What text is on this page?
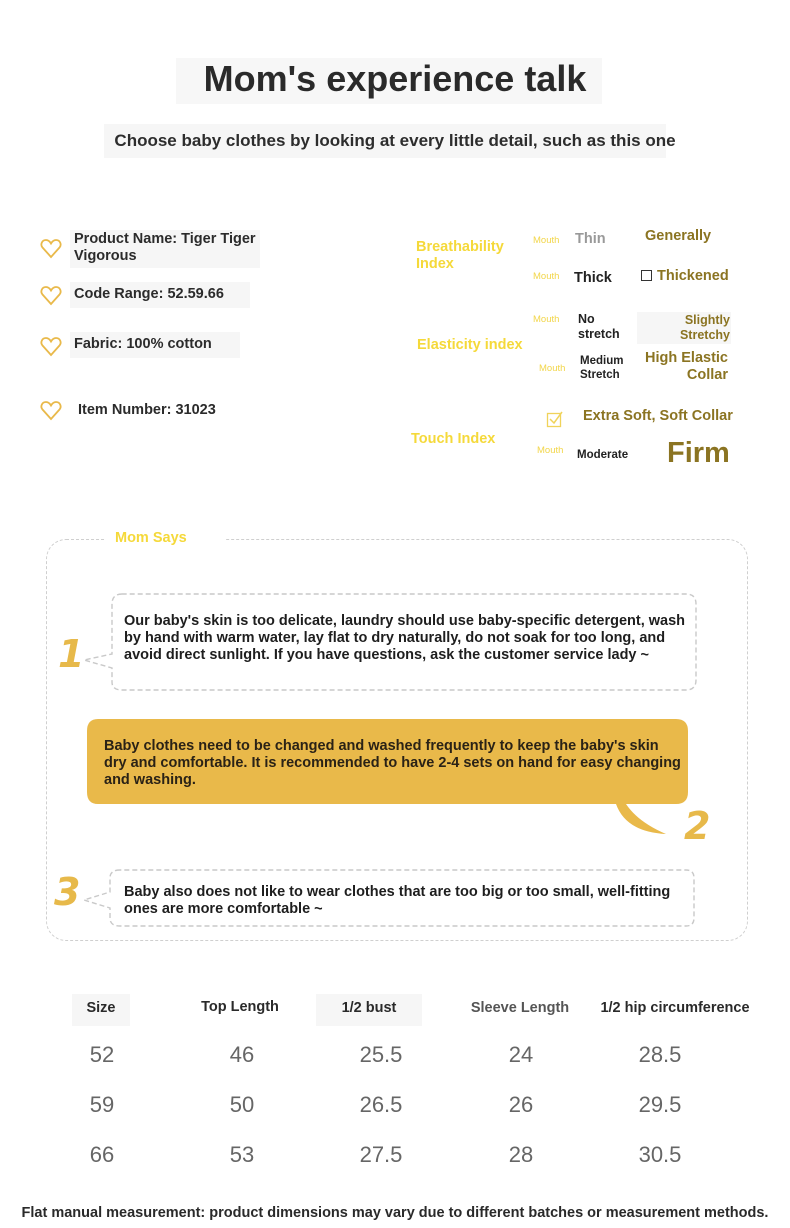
Mom's experience talk
Choose baby clothes by looking at every little detail, such as this one
Product Name: Tiger Tiger Vigorous
Code Range: 52.59.66
Fabric: 100% cotton
Item Number: 31023
Breathability Index
Mouth Thin	Generally
Mouth Thick	Thickened
Elasticity index
Mouth No stretch
Slightly Stretchy
Mouth
Medium Stretch
High Elastic Collar
Touch Index
Extra Soft, Soft Collar
Mouth Moderate Firm
Mom Says
1
Our baby's skin is too delicate, laundry should use baby-specific detergent, wash by hand with warm water, lay flat to dry naturally, do not soak for too long, and avoid direct sunlight. If you have questions, ask the customer service lady ~
Baby clothes need to be changed and washed frequently to keep the baby's skin dry and comfortable. It is recommended to have 2-4 sets on hand for easy changing and washing.
2
3	Baby also does not like to wear clothes that are too big or too small, well-fitting ones are more comfortable ~
Size	Top Length	1/2 bust	Sleeve Length	1/2 hip circumference
52	46	25.5	24	28.5
59	50	26.5	26	29.5
66	53	27.5	28	30.5
Flat manual measurement: product dimensions may vary due to different batches or measurement methods.
